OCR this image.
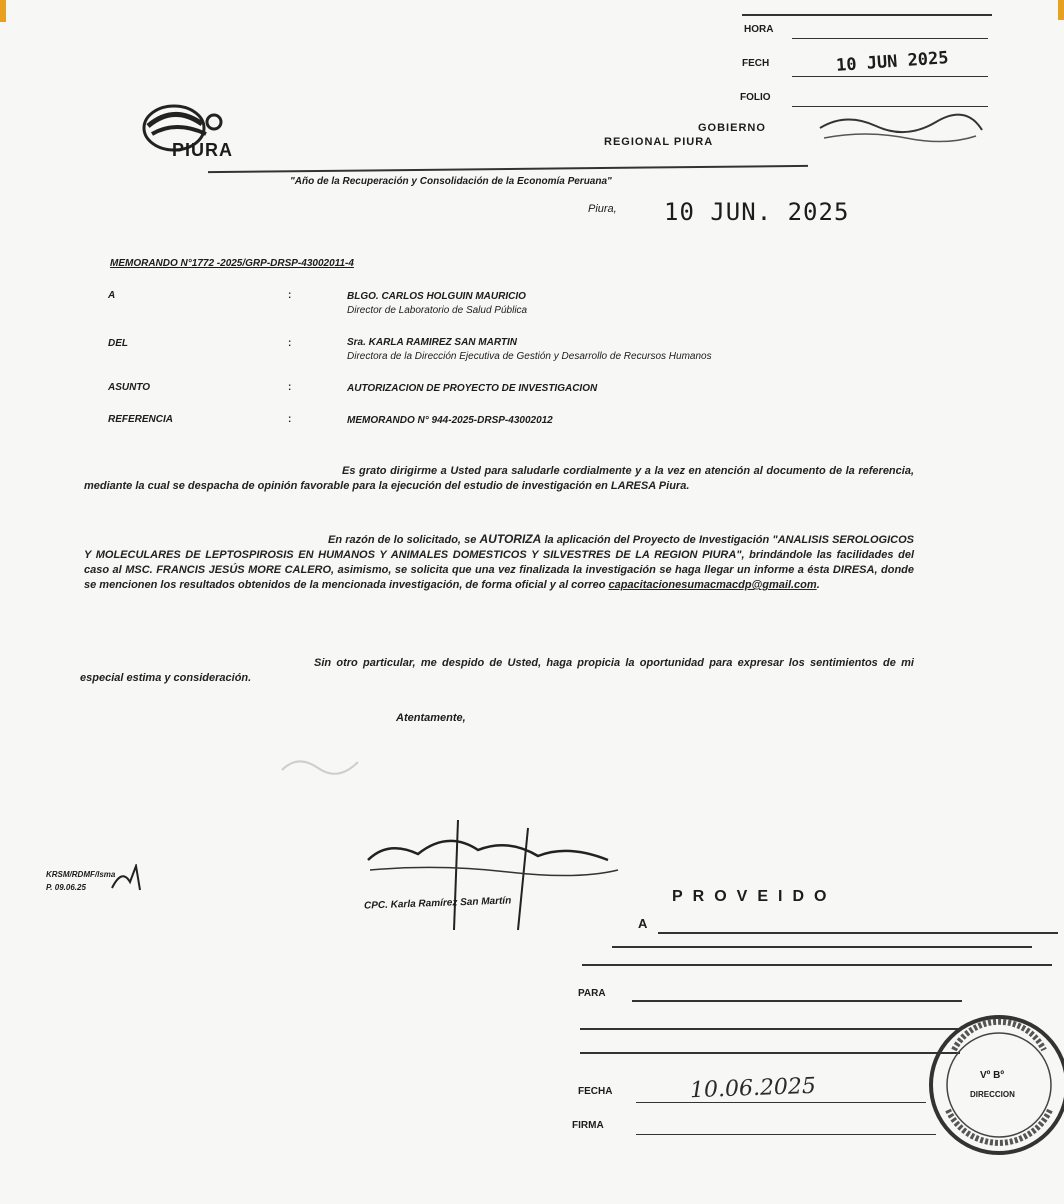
PIURA
GOBIERNO
REGIONAL PIURA
"Año de la Recuperación y Consolidación de la Economía Peruana"
HORA
FECH	10 JUN 2025
FOLIO
Piura, 10 JUN. 2025
MEMORANDO N°1772 -2025/GRP-DRSP-43002011-4
A	:	BLGO. CARLOS HOLGUIN MAURICIO
Director de Laboratorio de Salud Pública
DEL	:	Sra. KARLA RAMIREZ SAN MARTIN
Directora de la Dirección Ejecutiva de Gestión y Desarrollo de Recursos Humanos
ASUNTO	:	AUTORIZACION DE PROYECTO DE INVESTIGACION
REFERENCIA	:	MEMORANDO N° 944-2025-DRSP-43002012
Es grato dirigirme a Usted para saludarle cordialmente y a la vez en atención al documento de la referencia, mediante la cual se despacha de opinión favorable para la ejecución del estudio de investigación en LARESA Piura.
En razón de lo solicitado, se AUTORIZA la aplicación del Proyecto de Investigación "ANALISIS SEROLOGICOS Y MOLECULARES DE LEPTOSPIROSIS EN HUMANOS Y ANIMALES DOMESTICOS Y SILVESTRES DE LA REGION PIURA", brindándole las facilidades del caso al MSC. FRANCIS JESÚS MORE CALERO, asimismo, se solicita que una vez finalizada la investigación se haga llegar un informe a ésta DIRESA, donde se mencionen los resultados obtenidos de la mencionada investigación, de forma oficial y al correo capacitacionesumacmacdp@gmail.com.
Sin otro particular, me despido de Usted, haga propicia la oportunidad para expresar los sentimientos de mi especial estima y consideración.
Atentamente,
CPC. Karla Ramírez San Martín
KRSM/RDMF/lsma
P. 09.06.25
PROVEIDO
A
PARA
FECHA	10.06.2025
FIRMA
Vº Bº
DIRECCION
